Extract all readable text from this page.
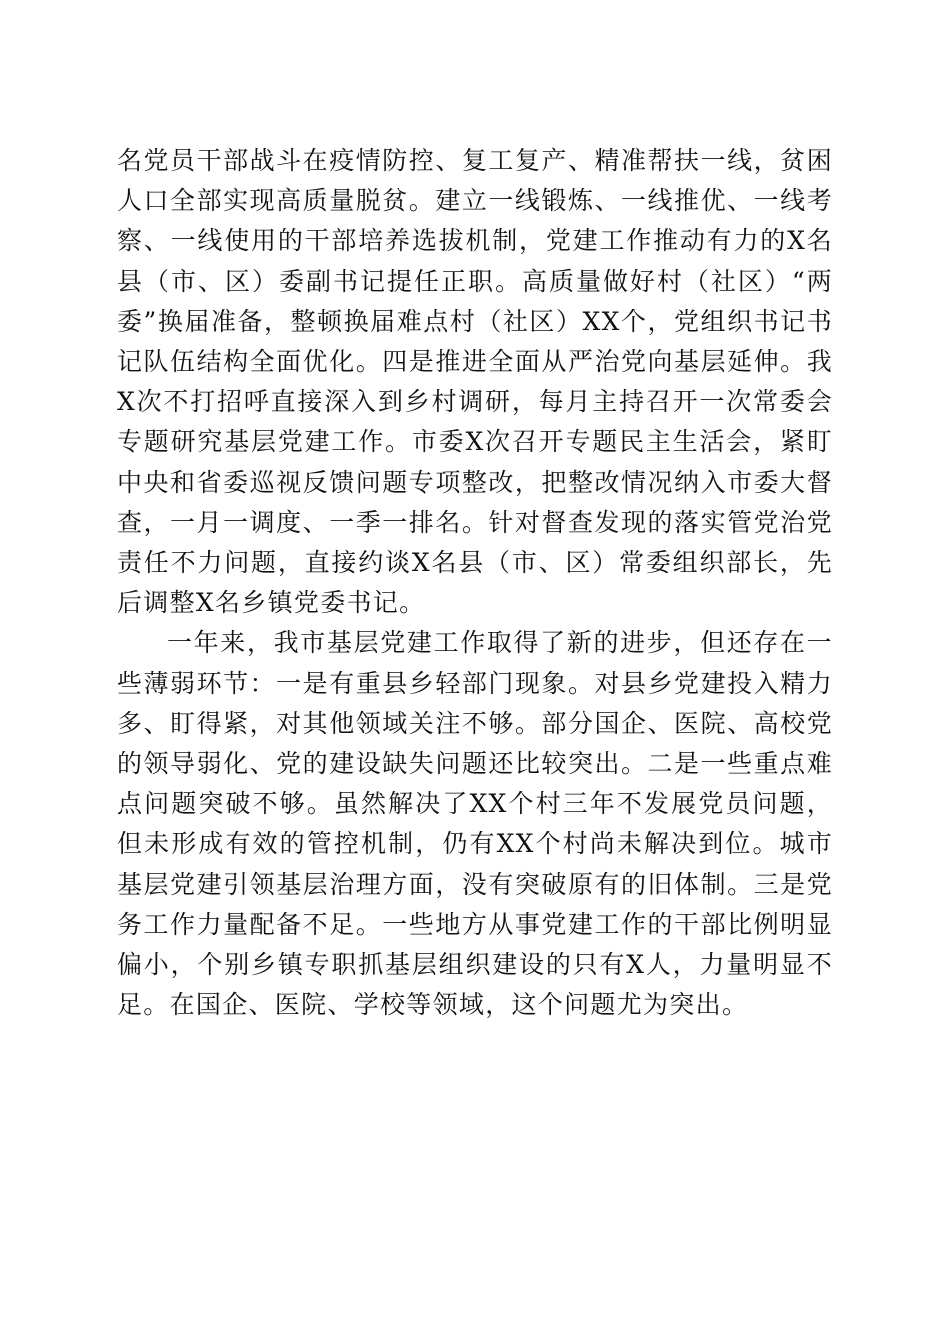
名党员干部战斗在疫情防控、复工复产、精准帮扶一线，贫困人口全部实现高质量脱贫。建立一线锻炼、一线推优、一线考察、一线使用的干部培养选拔机制，党建工作推动有力的X名县（市、区）委副书记提任正职。高质量做好村（社区）“两委”换届准备，整顿换届难点村（社区）XX个，党组织书记书记队伍结构全面优化。四是推进全面从严治党向基层延伸。我X次不打招呼直接深入到乡村调研，每月主持召开一次常委会专题研究基层党建工作。市委X次召开专题民主生活会，紧盯中央和省委巡视反馈问题专项整改，把整改情况纳入市委大督查，一月一调度、一季一排名。针对督查发现的落实管党治党责任不力问题，直接约谈X名县（市、区）常委组织部长，先后调整X名乡镇党委书记。

一年来，我市基层党建工作取得了新的进步，但还存在一些薄弱环节：一是有重县乡轻部门现象。对县乡党建投入精力多、盯得紧，对其他领域关注不够。部分国企、医院、高校党的领导弱化、党的建设缺失问题还比较突出。二是一些重点难点问题突破不够。虽然解决了XX个村三年不发展党员问题，但未形成有效的管控机制，仍有XX个村尚未解决到位。城市基层党建引领基层治理方面，没有突破原有的旧体制。三是党务工作力量配备不足。一些地方从事党建工作的干部比例明显偏小，个别乡镇专职抓基层组织建设的只有X人，力量明显不足。在国企、医院、学校等领域，这个问题尤为突出。
